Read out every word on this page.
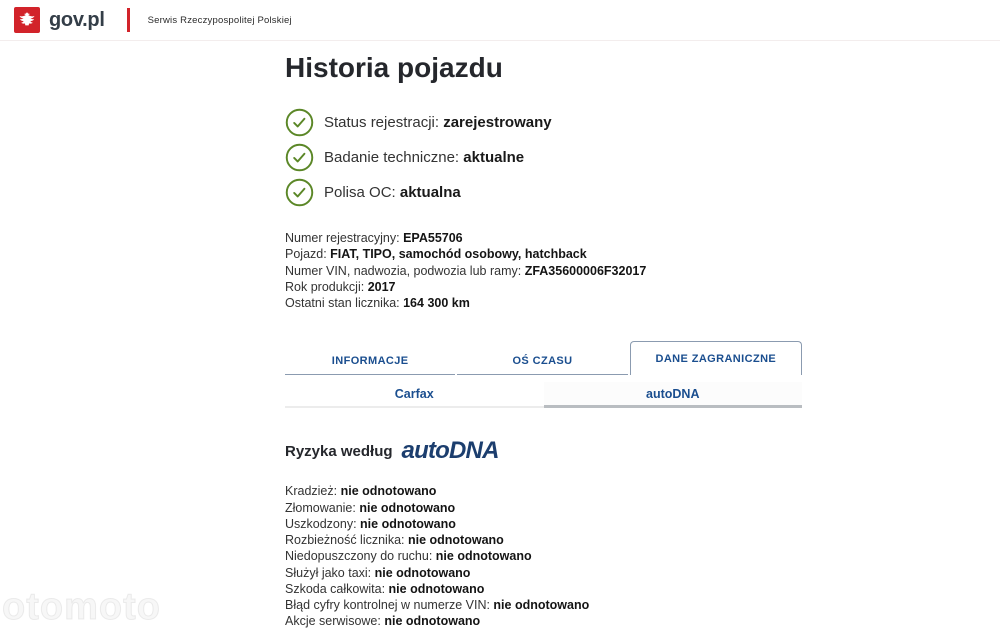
gov.pl	Serwis Rzeczypospolitej Polskiej
Historia pojazdu
Status rejestracji: zarejestrowany
Badanie techniczne: aktualne
Polisa OC: aktualna
Numer rejestracyjny: EPA55706
Pojazd: FIAT, TIPO, samochód osobowy, hatchback
Numer VIN, nadwozia, podwozia lub ramy: ZFA35600006F32017
Rok produkcji: 2017
Ostatni stan licznika: 164 300 km
INFORMACJE	OŚ CZASU	DANE ZAGRANICZNE
Carfax	autoDNA
Ryzyka według autoDNA
Kradzież: nie odnotowano
Złomowanie: nie odnotowano
Uszkodzony: nie odnotowano
Rozbieżność licznika: nie odnotowano
Niedopuszczony do ruchu: nie odnotowano
Służył jako taxi: nie odnotowano
Szkoda całkowita: nie odnotowano
Błąd cyfry kontrolnej w numerze VIN: nie odnotowano
Akcje serwisowe: nie odnotowano
otomoto
